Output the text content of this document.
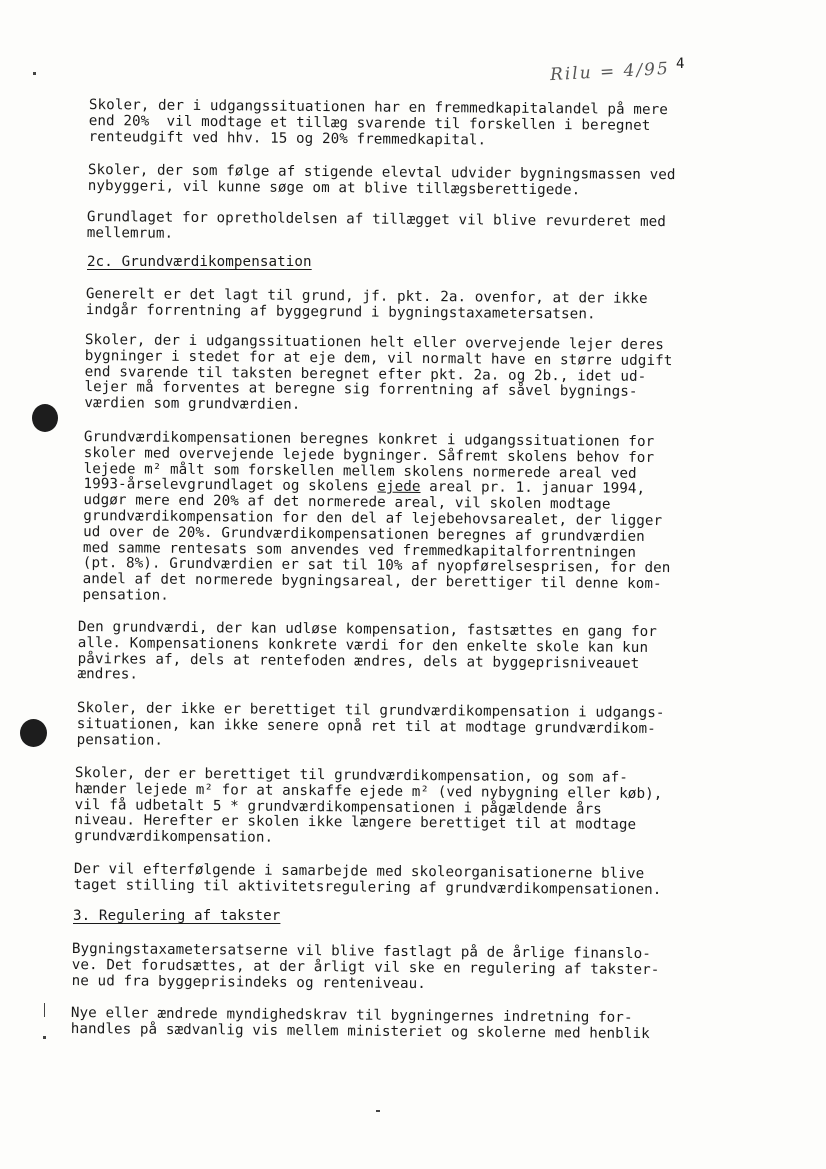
Rilu = 4/95 4

Skoler, der i udgangssituationen har en fremmedkapitalandel på mere
end 20%  vil modtage et tillæg svarende til forskellen i beregnet
renteudgift ved hhv. 15 og 20% fremmedkapital.

Skoler, der som følge af stigende elevtal udvider bygningsmassen ved
nybyggeri, vil kunne søge om at blive tillægsberettigede.

Grundlaget for opretholdelsen af tillægget vil blive revurderet med
mellemrum.

2c. Grundværdikompensation

Generelt er det lagt til grund, jf. pkt. 2a. ovenfor, at der ikke
indgår forrentning af byggegrund i bygningstaxametersatsen.

Skoler, der i udgangssituationen helt eller overvejende lejer deres
bygninger i stedet for at eje dem, vil normalt have en større udgift
end svarende til taksten beregnet efter pkt. 2a. og 2b., idet ud-
lejer må forventes at beregne sig forrentning af såvel bygnings-
værdien som grundværdien.

Grundværdikompensationen beregnes konkret i udgangssituationen for
skoler med overvejende lejede bygninger. Såfremt skolens behov for
lejede m² målt som forskellen mellem skolens normerede areal ved
1993-årselevgrundlaget og skolens ejede areal pr. 1. januar 1994,
udgør mere end 20% af det normerede areal, vil skolen modtage
grundværdikompensation for den del af lejebehovsarealet, der ligger
ud over de 20%. Grundværdikompensationen beregnes af grundværdien
med samme rentesats som anvendes ved fremmedkapitalforrentningen
(pt. 8%). Grundværdien er sat til 10% af nyopførelsesprisen, for den
andel af det normerede bygningsareal, der berettiger til denne kom-
pensation.

Den grundværdi, der kan udløse kompensation, fastsættes en gang for
alle. Kompensationens konkrete værdi for den enkelte skole kan kun
påvirkes af, dels at rentefoden ændres, dels at byggeprisniveauet
ændres.

Skoler, der ikke er berettiget til grundværdikompensation i udgangs-
situationen, kan ikke senere opnå ret til at modtage grundværdikom-
pensation.

Skoler, der er berettiget til grundværdikompensation, og som af-
hænder lejede m² for at anskaffe ejede m² (ved nybygning eller køb),
vil få udbetalt 5 * grundværdikompensationen i pågældende års
niveau. Herefter er skolen ikke længere berettiget til at modtage
grundværdikompensation.

Der vil efterfølgende i samarbejde med skoleorganisationerne blive
taget stilling til aktivitetsregulering af grundværdikompensationen.

3. Regulering af takster

Bygningstaxametersatserne vil blive fastlagt på de årlige finanslo-
ve. Det forudsættes, at der årligt vil ske en regulering af takster-
ne ud fra byggeprisindeks og renteniveau.

Nye eller ændrede myndighedskrav til bygningernes indretning for-
handles på sædvanlig vis mellem ministeriet og skolerne med henblik
